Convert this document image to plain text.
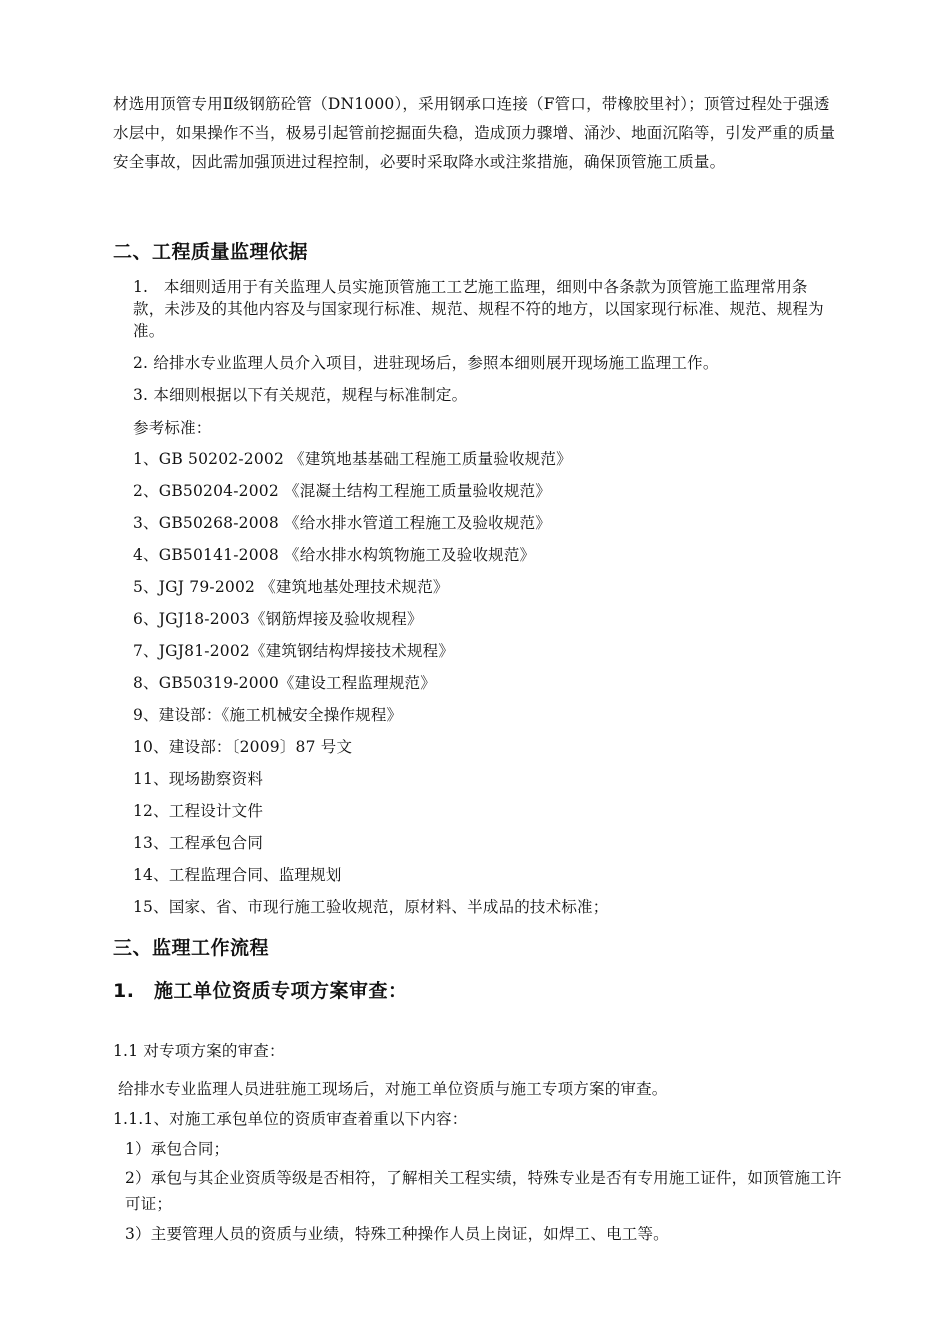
材选用顶管专用Ⅱ级钢筋砼管（DN1000），采用钢承口连接（F管口，带橡胶里衬）；顶管过程处于强透水层中，如果操作不当，极易引起管前挖掘面失稳，造成顶力骤增、涌沙、地面沉陷等，引发严重的质量安全事故，因此需加强顶进过程控制，必要时采取降水或注浆措施，确保顶管施工质量。

二、工程质量监理依据
1.　本细则适用于有关监理人员实施顶管施工工艺施工监理，细则中各条款为顶管施工监理常用条款，未涉及的其他内容及与国家现行标准、规范、规程不符的地方，以国家现行标准、规范、规程为准。
2. 给排水专业监理人员介入项目，进驻现场后，参照本细则展开现场施工监理工作。
3. 本细则根据以下有关规范，规程与标准制定。
参考标准：
1、GB 50202-2002 《建筑地基基础工程施工质量验收规范》
2、GB50204-2002 《混凝土结构工程施工质量验收规范》
3、GB50268-2008 《给水排水管道工程施工及验收规范》
4、GB50141-2008 《给水排水构筑物施工及验收规范》
5、JGJ 79-2002 《建筑地基处理技术规范》
6、JGJ18-2003《钢筋焊接及验收规程》
7、JGJ81-2002《建筑钢结构焊接技术规程》
8、GB50319-2000《建设工程监理规范》
9、建设部：《施工机械安全操作规程》
10、建设部：〔2009〕87 号文
11、现场勘察资料
12、工程设计文件
13、工程承包合同
14、工程监理合同、监理规划
15、国家、省、市现行施工验收规范，原材料、半成品的技术标准；
三、监理工作流程
1.　施工单位资质专项方案审查：
1.1 对专项方案的审查：
给排水专业监理人员进驻施工现场后，对施工单位资质与施工专项方案的审查。
1.1.1、对施工承包单位的资质审查着重以下内容：
1）承包合同；
2）承包与其企业资质等级是否相符，了解相关工程实绩，特殊专业是否有专用施工证件，如顶管施工许可证；
3）主要管理人员的资质与业绩，特殊工种操作人员上岗证，如焊工、电工等。
